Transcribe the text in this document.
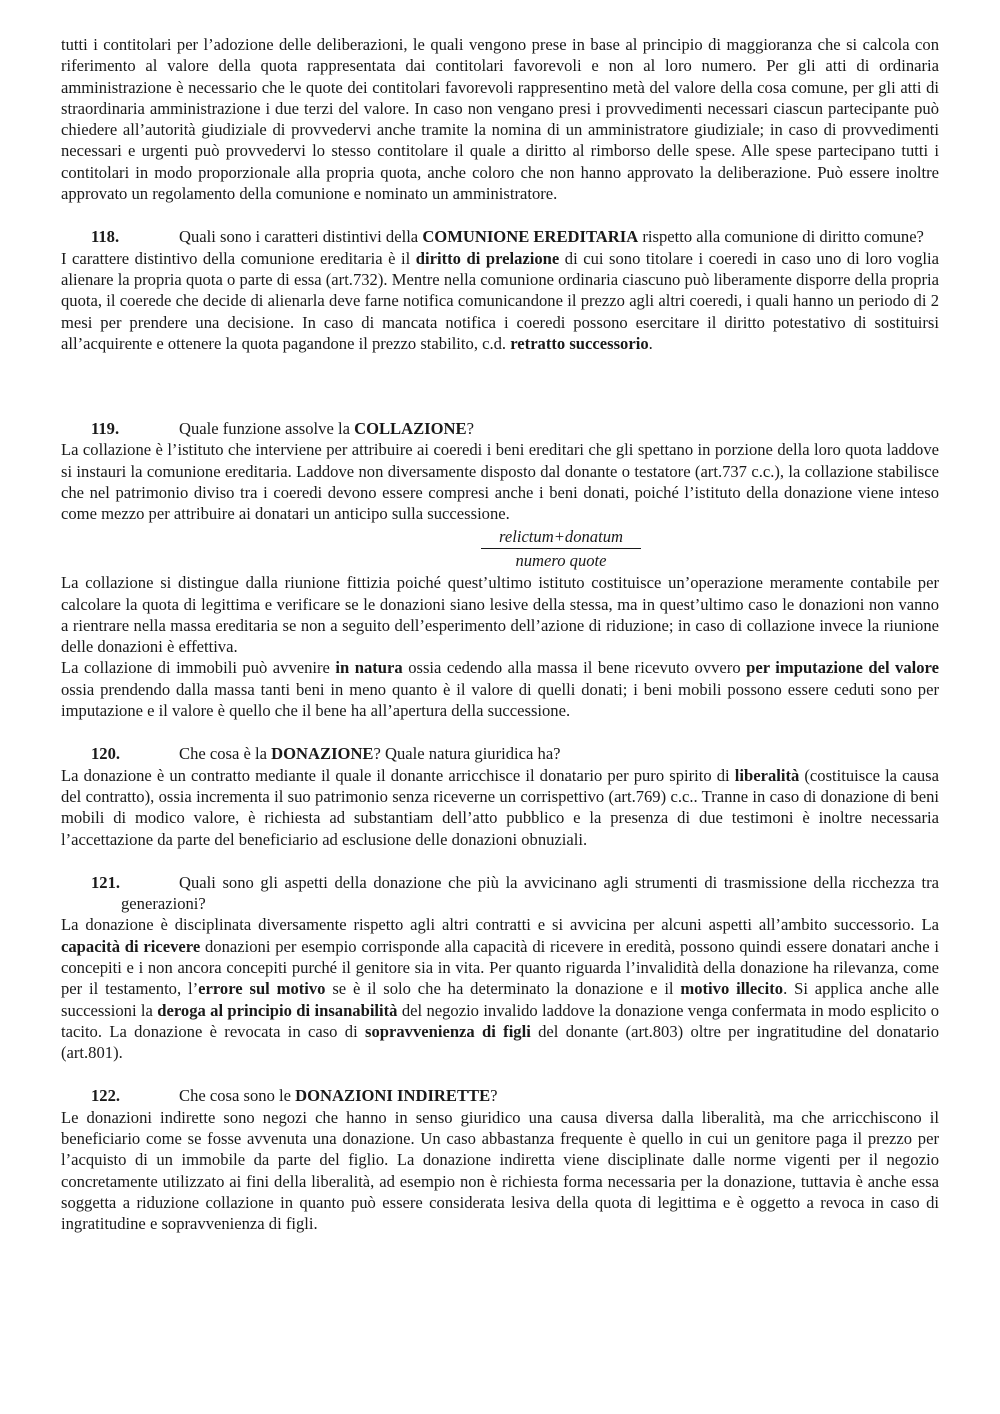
tutti i contitolari per l’adozione delle deliberazioni, le quali vengono prese in base al principio di maggioranza che si calcola con riferimento al valore della quota rappresentata dai contitolari favorevoli e non al loro numero. Per gli atti di ordinaria amministrazione è necessario che le quote dei contitolari favorevoli rappresentino metà del valore della cosa comune, per gli atti di straordinaria amministrazione i due terzi del valore. In caso non vengano presi i provvedimenti necessari ciascun partecipante può chiedere all’autorità giudiziale di provvedervi anche tramite la nomina di un amministratore giudiziale; in caso di provvedimenti necessari e urgenti può provvedervi lo stesso contitolare il quale a diritto al rimborso delle spese. Alle spese partecipano tutti i contitolari in modo proporzionale alla propria quota, anche coloro che non hanno approvato la deliberazione. Può essere inoltre approvato un regolamento della comunione e nominato un amministratore.

118.	Quali sono i caratteri distintivi della COMUNIONE EREDITARIA rispetto alla comunione di diritto comune?

I carattere distintivo della comunione ereditaria è il diritto di prelazione di cui sono titolare i coeredi in caso uno di loro voglia alienare la propria quota o parte di essa (art.732). Mentre nella comunione ordinaria ciascuno può liberamente disporre della propria quota, il coerede che decide di alienarla deve farne notifica comunicandone il prezzo agli altri coeredi, i quali hanno un periodo di 2 mesi per prendere una decisione. In caso di mancata notifica i coeredi possono esercitare il diritto potestativo di sostituirsi all’acquirente e ottenere la quota pagandone il prezzo stabilito, c.d. retratto successorio.

119.	Quale funzione assolve la COLLAZIONE?

La collazione è l’istituto che interviene per attribuire ai coeredi i beni ereditari che gli spettano in porzione della loro quota laddove si instauri la comunione ereditaria. Laddove non diversamente disposto dal donante o testatore (art.737 c.c.), la collazione stabilisce che nel patrimonio diviso tra i coeredi devono essere compresi anche i beni donati, poiché l’istituto della donazione viene inteso come mezzo per attribuire ai donatari un anticipo sulla successione.

relictum+donatum
numero quote

La collazione si distingue dalla riunione fittizia poiché quest’ultimo istituto costituisce un’operazione meramente contabile per calcolare la quota di legittima e verificare se le donazioni siano lesive della stessa, ma in quest’ultimo caso le donazioni non vanno a rientrare nella massa ereditaria se non a seguito dell’esperimento dell’azione di riduzione; in caso di collazione invece la riunione delle donazioni è effettiva.

La collazione di immobili può avvenire in natura ossia cedendo alla massa il bene ricevuto ovvero per imputazione del valore ossia prendendo dalla massa tanti beni in meno quanto è il valore di quelli donati; i beni mobili possono essere ceduti sono per imputazione e il valore è quello che il bene ha all’apertura della successione.

120.	Che cosa è la DONAZIONE? Quale natura giuridica ha?

La donazione è un contratto mediante il quale il donante arricchisce il donatario per puro spirito di liberalità (costituisce la causa del contratto), ossia incrementa il suo patrimonio senza riceverne un corrispettivo (art.769) c.c.. Tranne in caso di donazione di beni mobili di modico valore, è richiesta ad substantiam dell’atto pubblico e la presenza di due testimoni è inoltre necessaria l’accettazione da parte del beneficiario ad esclusione delle donazioni obnuziali.

121.	Quali sono gli aspetti della donazione che più la avvicinano agli strumenti di trasmissione della ricchezza tra generazioni?

La donazione è disciplinata diversamente rispetto agli altri contratti e si avvicina per alcuni aspetti all’ambito successorio. La capacità di ricevere donazioni per esempio corrisponde alla capacità di ricevere in eredità, possono quindi essere donatari anche i concepiti e i non ancora concepiti purché il genitore sia in vita. Per quanto riguarda l’invalidità della donazione ha rilevanza, come per il testamento, l’errore sul motivo se è il solo che ha determinato la donazione e il motivo illecito. Si applica anche alle successioni la deroga al principio di insanabilità del negozio invalido laddove la donazione venga confermata in modo esplicito o tacito. La donazione è revocata in caso di sopravvenienza di figli del donante (art.803) oltre per ingratitudine del donatario (art.801).

122.	Che cosa sono le DONAZIONI INDIRETTE?

Le donazioni indirette sono negozi che hanno in senso giuridico una causa diversa dalla liberalità, ma che arricchiscono il beneficiario come se fosse avvenuta una donazione. Un caso abbastanza frequente è quello in cui un genitore paga il prezzo per l’acquisto di un immobile da parte del figlio. La donazione indiretta viene disciplinate dalle norme vigenti per il negozio concretamente utilizzato ai fini della liberalità, ad esempio non è richiesta forma necessaria per la donazione, tuttavia è anche essa soggetta a riduzione collazione in quanto può essere considerata lesiva della quota di legittima e è oggetto a revoca in caso di ingratitudine e sopravvenienza di figli.
